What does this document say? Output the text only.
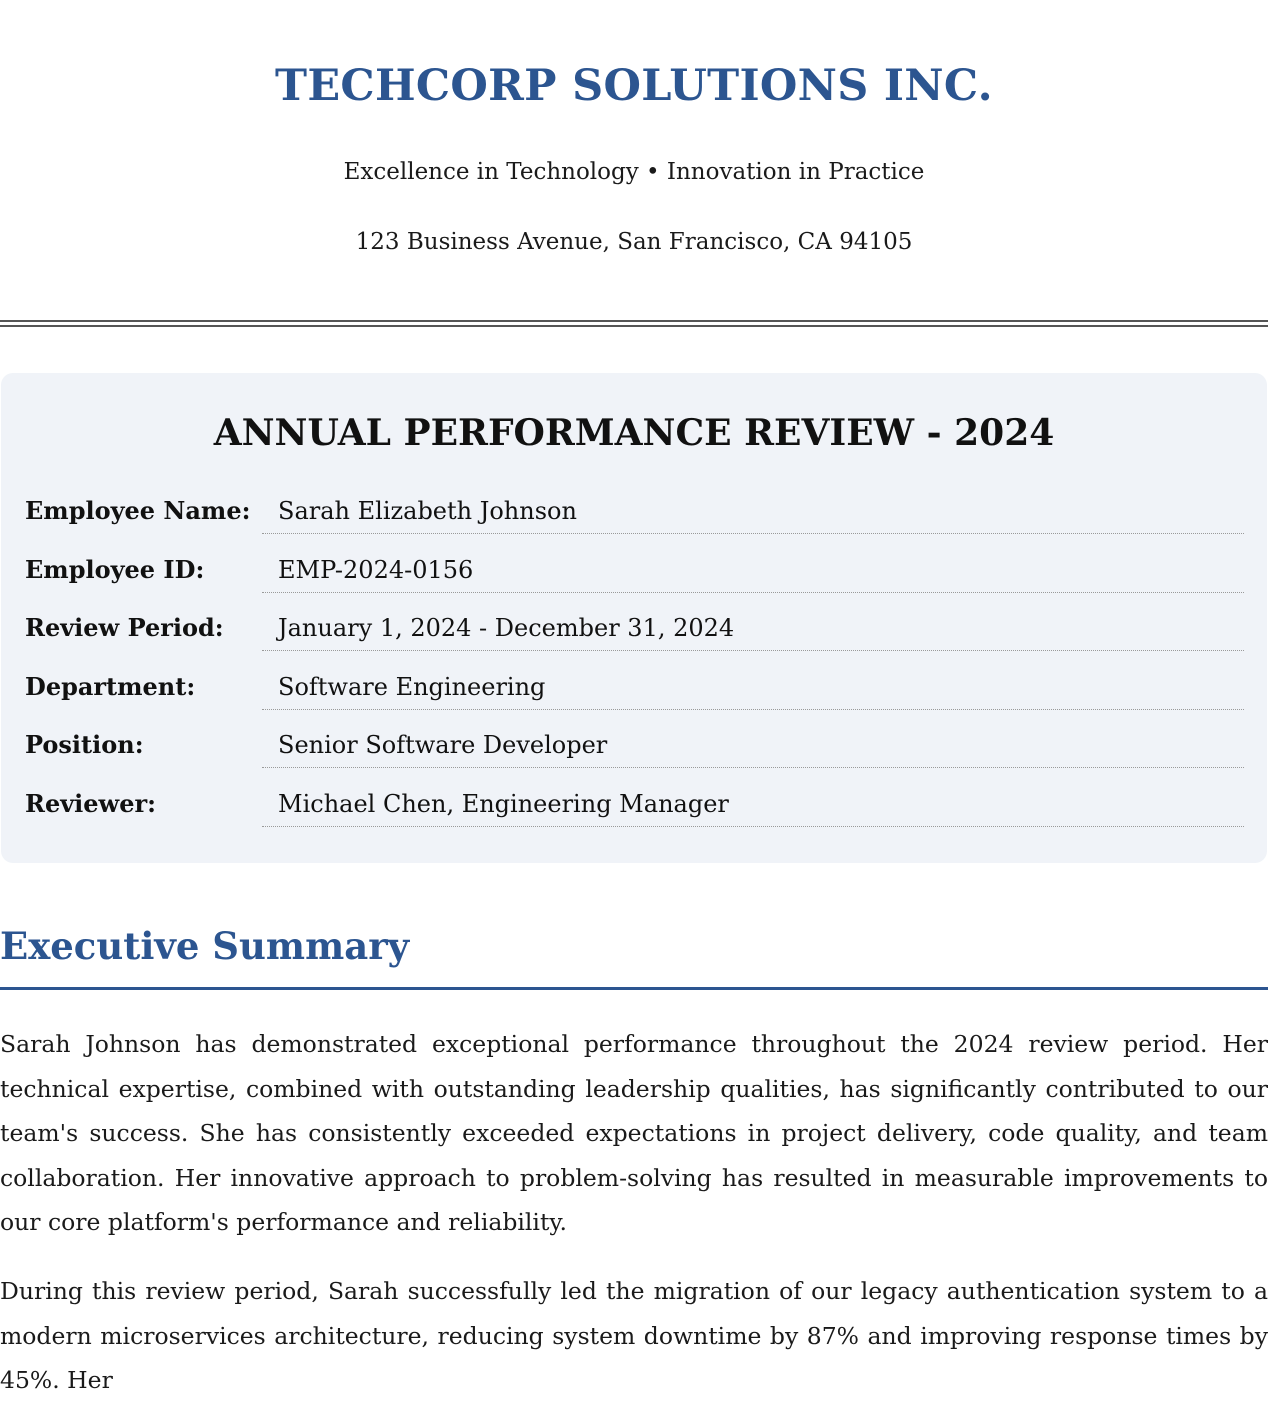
TECHCORP SOLUTIONS INC.
Excellence in Technology • Innovation in Practice
123 Business Avenue, San Francisco, CA 94105
ANNUAL PERFORMANCE REVIEW - 2024
Employee Name: Sarah Elizabeth Johnson
Employee ID:	EMP-2024-0156
Review Period: January 1, 2024 - December 31, 2024
Department:	Software Engineering
Position:	Senior Software Developer
Reviewer:	Michael Chen, Engineering Manager
Executive Summary

Sarah Johnson has demonstrated exceptional performance throughout the 2024 review period. Her technical expertise, combined with outstanding leadership qualities, has significantly contributed to our team's success. She has consistently exceeded expectations in project delivery, code quality, and team collaboration. Her innovative approach to problem-solving has resulted in measurable improvements to our core platform's performance and reliability.

During this review period, Sarah successfully led the migration of our legacy authentication system to a modern microservices architecture, reducing system downtime by 87% and improving response times by 45%. Her
